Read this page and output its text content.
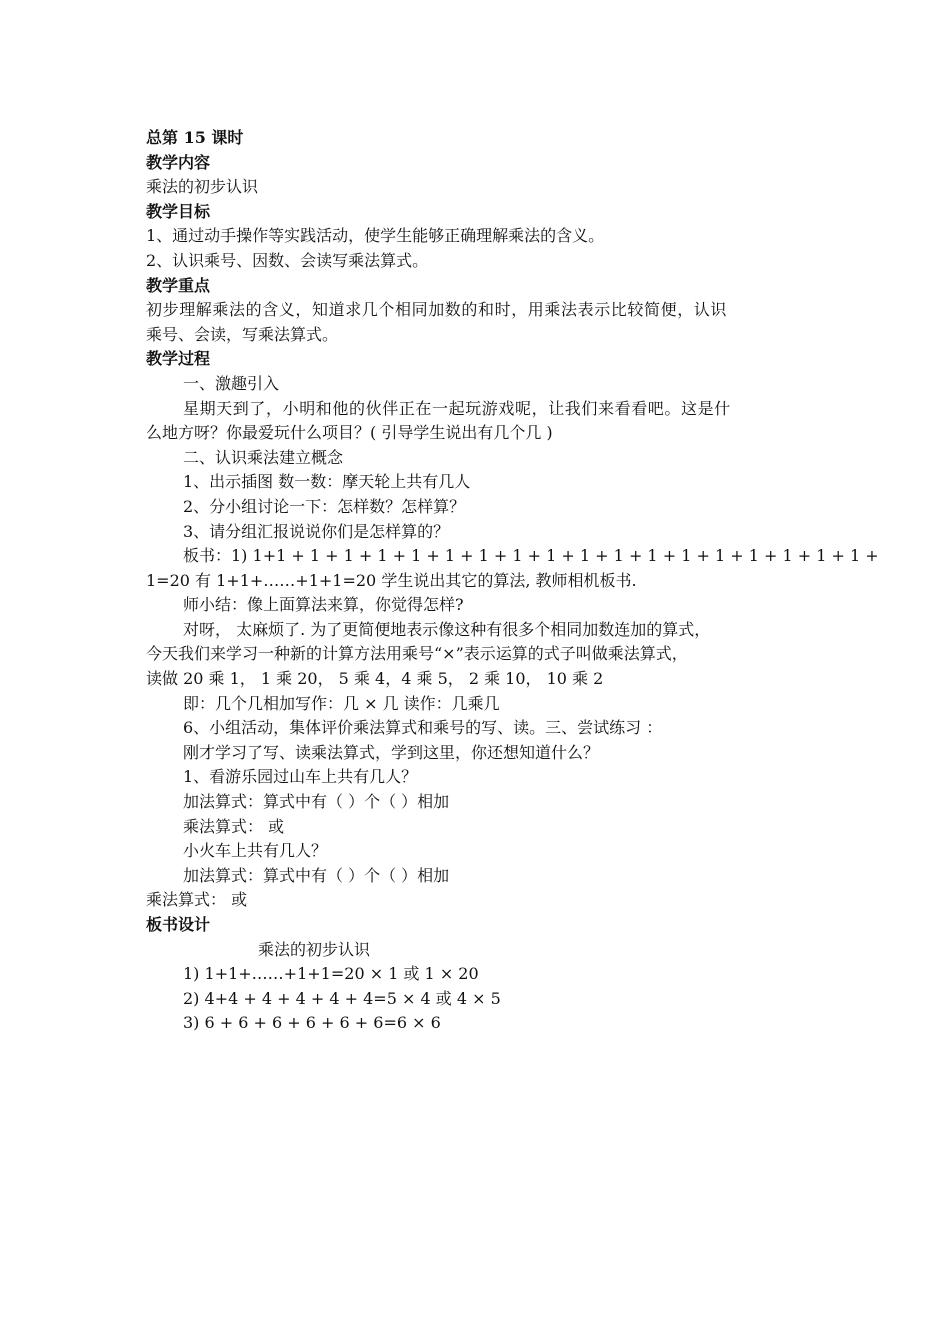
总第 15 课时
教学内容
乘法的初步认识
教学目标
1、通过动手操作等实践活动，使学生能够正确理解乘法的含义。
2、认识乘号、因数、会读写乘法算式。
教学重点
初步理解乘法的含义，知道求几个相同加数的和时，用乘法表示比较简便，认识
乘号、会读，写乘法算式。
教学过程
一、激趣引入
星期天到了，小明和他的伙伴正在一起玩游戏呢，让我们来看看吧。这是什
么地方呀？你最爱玩什么项目？( 引导学生说出有几个几 )
二、认识乘法建立概念
1、出示插图 数一数：摩天轮上共有几人
2、分小组讨论一下：怎样数？怎样算？
3、请分组汇报说说你们是怎样算的？
板书：1) 1+1 + 1 + 1 + 1 + 1 + 1 + 1 + 1 + 1 + 1 + 1 + 1 + 1 + 1 + 1 + 1 + 1 + 1 +
1=20 有 1+1+……+1+1=20 学生说出其它的算法, 教师相机板书.
师小结：像上面算法来算，你觉得怎样?
对呀， 太麻烦了. 为了更简便地表示像这种有很多个相同加数连加的算式，
今天我们来学习一种新的计算方法用乘号“×”表示运算的式子叫做乘法算式，
读做 20 乘 1， 1 乘 20， 5 乘 4，4 乘 5， 2 乘 10， 10 乘 2
即：几个几相加写作：几 × 几 读作：几乘几
6、小组活动，集体评价乘法算式和乘号的写、读。三、尝试练习 ：
刚才学习了写、读乘法算式，学到这里，你还想知道什么？
1、看游乐园过山车上共有几人？
加法算式：算式中有（ ）个（ ）相加
乘法算式： 或
小火车上共有几人？
加法算式：算式中有（ ）个（ ）相加
乘法算式： 或
板书设计
乘法的初步认识
1) 1+1+……+1+1=20 × 1 或 1 × 20
2) 4+4 + 4 + 4 + 4 + 4=5 × 4 或 4 × 5
3) 6 + 6 + 6 + 6 + 6 + 6=6 × 6
